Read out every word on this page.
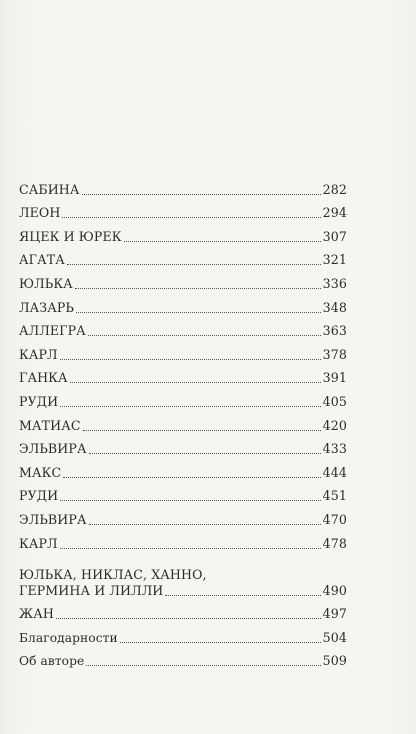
САБИНА	282
ЛЕОН	294
ЯЦЕК И ЮРЕК	307
АГАТА	321
ЮЛЬКА	336
ЛАЗАРЬ	348
АЛЛЕГРА	363
КАРЛ	378
ГАНКА	391
РУДИ	405
МАТИАС	420
ЭЛЬВИРА	433
МАКС	444
РУДИ	451
ЭЛЬВИРА	470
КАРЛ	478
ЮЛЬКА, НИКЛАС, ХАННО,
ГЕРМИНА И ЛИЛЛИ	490
ЖАН	497
Благодарности	504
Об авторе	509
